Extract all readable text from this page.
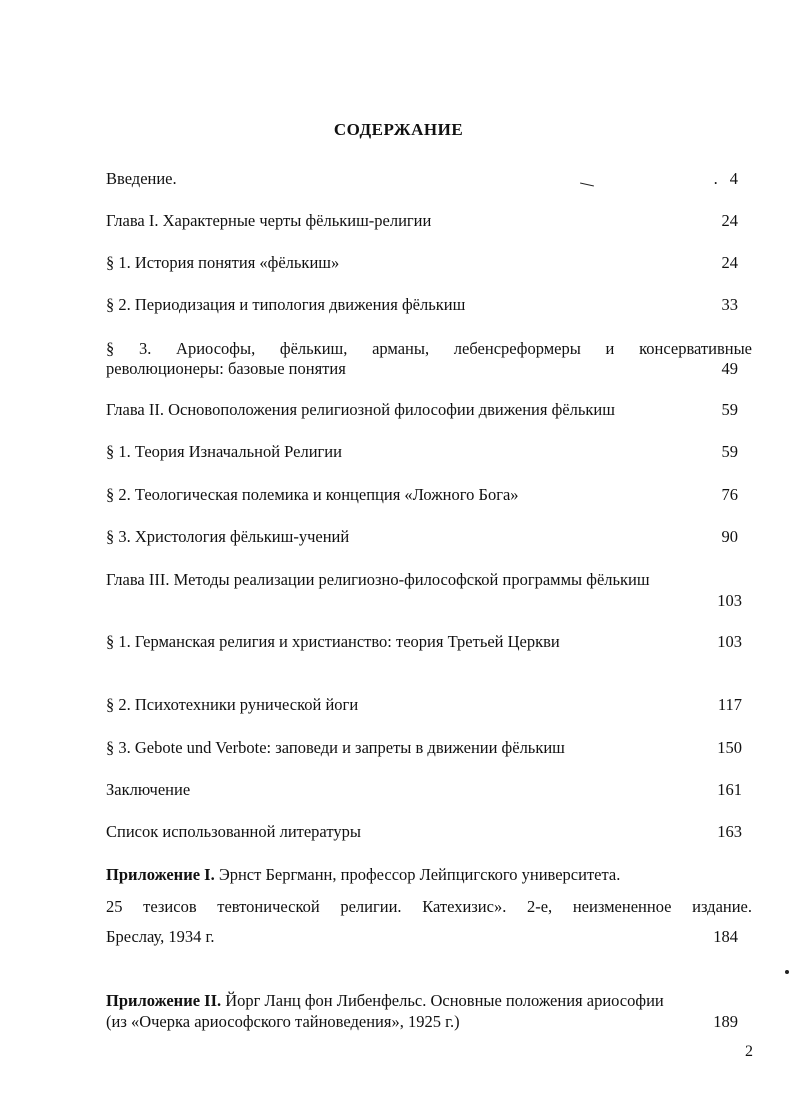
СОДЕРЖАНИЕ
Введение.	. 4
Глава I. Характерные черты фёлькиш-религии	24
§ 1. История понятия «фёлькиш»	24
§ 2. Периодизация и типология движения фёлькиш	33
§ 3. Ариософы, фёлькиш, арманы, лебенсреформеры и консервативные
революционеры: базовые понятия	49
Глава II. Основоположения религиозной философии движения фёлькиш	59
§ 1. Теория Изначальной Религии	59
§ 2. Теологическая полемика и концепция «Ложного Бога»	76
§ 3. Христология фёлькиш-учений	90
Глава III. Методы реализации религиозно-философской программы фёлькиш
103
§ 1. Германская религия и христианство: теория Третьей Церкви	103
§ 2. Психотехники рунической йоги	117
§ 3. Gebote und Verbote: заповеди и запреты в движении фёлькиш	150
Заключение	161
Список использованной литературы	163
Приложение I. Эрнст Бергманн, профессор Лейпцигского университета.
25 тезисов тевтонической религии. Катехизис». 2-е, неизмененное издание.
Бреслау, 1934 г.	184
Приложение II. Йорг Ланц фон Либенфельс. Основные положения ариософии
(из «Очерка ариософского тайноведения», 1925 г.)	189
2
